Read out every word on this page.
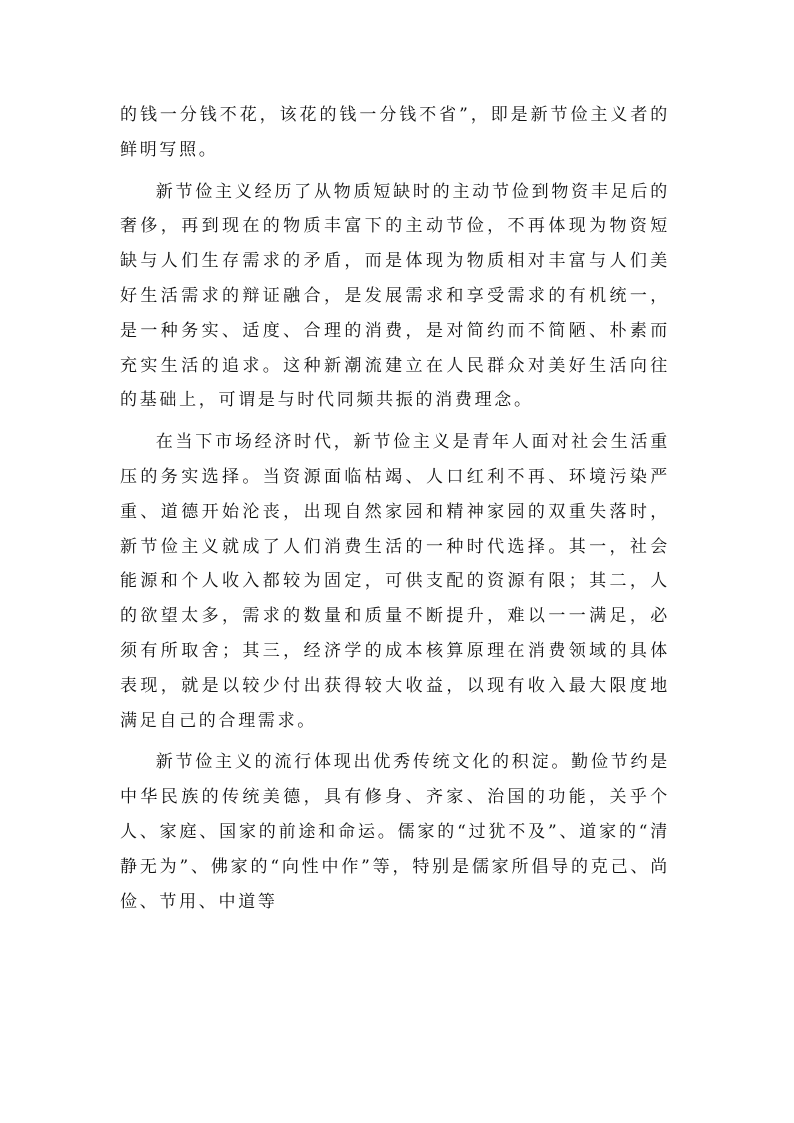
的钱一分钱不花，该花的钱一分钱不省”，即是新节俭主义者的鲜明写照。

新节俭主义经历了从物质短缺时的主动节俭到物资丰足后的奢侈，再到现在的物质丰富下的主动节俭，不再体现为物资短缺与人们生存需求的矛盾，而是体现为物质相对丰富与人们美好生活需求的辩证融合，是发展需求和享受需求的有机统一，是一种务实、适度、合理的消费，是对简约而不简陋、朴素而充实生活的追求。这种新潮流建立在人民群众对美好生活向往的基础上，可谓是与时代同频共振的消费理念。

在当下市场经济时代，新节俭主义是青年人面对社会生活重压的务实选择。当资源面临枯竭、人口红利不再、环境污染严重、道德开始沦丧，出现自然家园和精神家园的双重失落时，新节俭主义就成了人们消费生活的一种时代选择。其一，社会能源和个人收入都较为固定，可供支配的资源有限；其二，人的欲望太多，需求的数量和质量不断提升，难以一一满足，必须有所取舍；其三，经济学的成本核算原理在消费领域的具体表现，就是以较少付出获得较大收益，以现有收入最大限度地满足自己的合理需求。

新节俭主义的流行体现出优秀传统文化的积淀。勤俭节约是中华民族的传统美德，具有修身、齐家、治国的功能，关乎个人、家庭、国家的前途和命运。儒家的“过犹不及”、道家的“清静无为”、佛家的“向性中作”等，特别是儒家所倡导的克己、尚俭、节用、中道等
